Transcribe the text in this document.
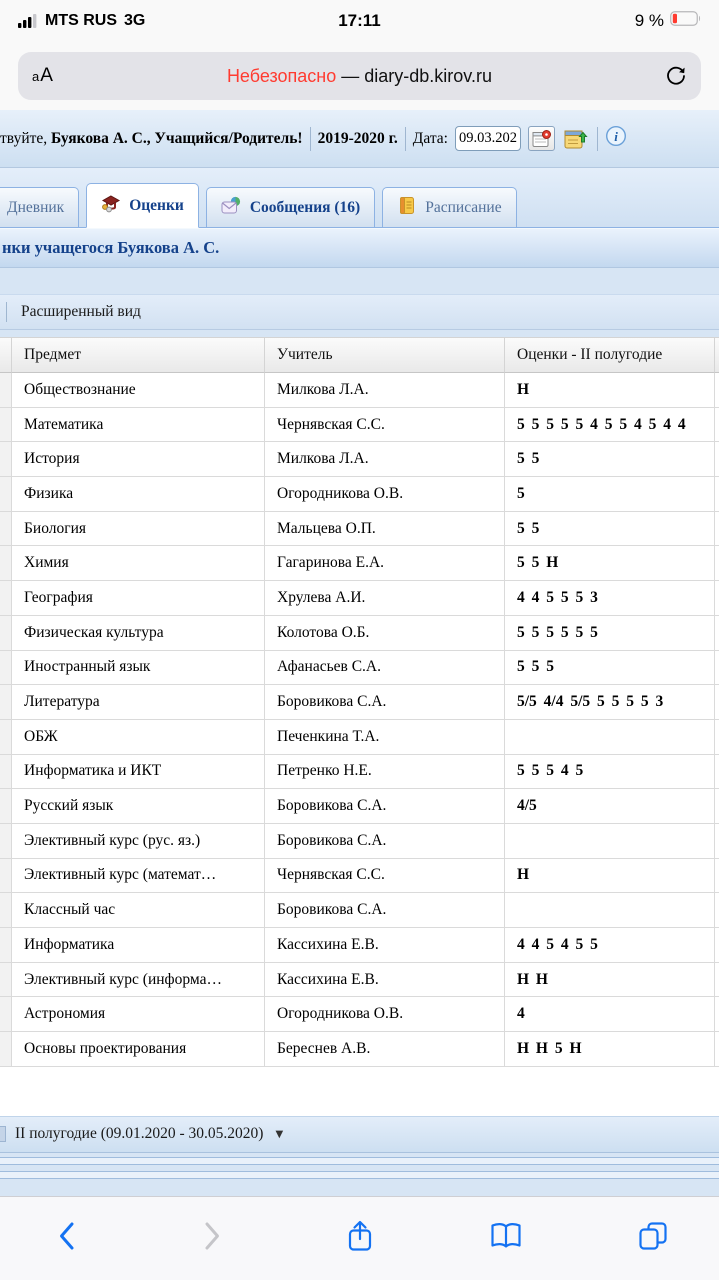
MTS RUS 3G	17:11	9 %
аА	Небезопасно — diary-db.kirov.ru
твуйте, Буякова А. С., Учащийся/Родитель! 2019-2020 г. Дата:
09.03.2020	i
Дневник	Оценки	Сообщения (16)	Расписание
нки учащегося Буякова А. С.
Расширенный вид
Предмет	Учитель	Оценки - II полугодие
Обществознание	Милкова Л.А.	Н
Математика	Чернявская С.С.	5 5 5 5 5 4 5 5 4 5 4 4
История	Милкова Л.А.	5 5
Физика	Огородникова О.В.	5
Биология	Мальцева О.П.	5 5
Химия	Гагаринова Е.А.	5 5 Н
География	Хрулева А.И.	4 4 5 5 5 3
Физическая культура	Колотова О.Б.	5 5 5 5 5 5
Иностранный язык	Афанасьев С.А.	5 5 5
Литература	Боровикова С.А.	5/5 4/4 5/5 5 5 5 5 3
ОБЖ	Печенкина Т.А.
Информатика и ИКТ	Петренко Н.Е.	5 5 5 4 5
Русский язык	Боровикова С.А.	4/5
Элективный курс (рус. яз.)	Боровикова С.А.
Элективный курс (математ…	Чернявская С.С.	Н
Классный час	Боровикова С.А.
Информатика	Кассихина Е.В.	4 4 5 4 5 5
Элективный курс (информа…	Кассихина Е.В.	Н Н
Астрономия	Огородникова О.В.	4
Основы проектирования	Береснев А.В.	Н Н 5 Н
II полугодие (09.01.2020 - 30.05.2020) ▼
